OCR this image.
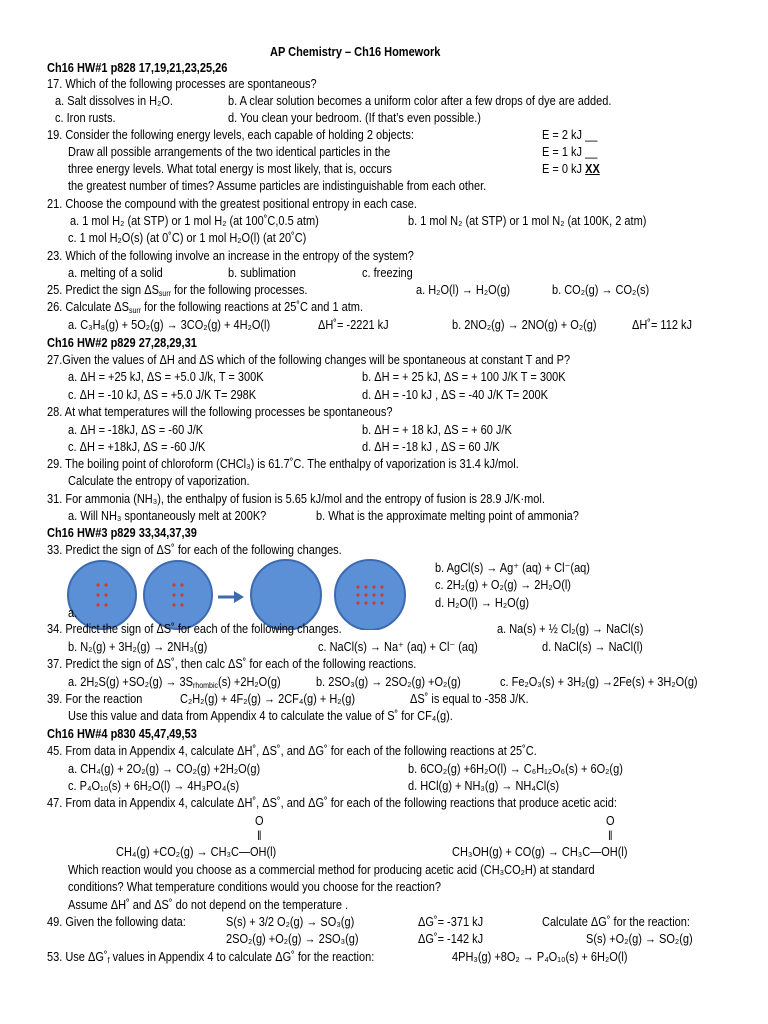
AP Chemistry – Ch16 Homework
Ch16 HW#1 p828 17,19,21,23,25,26
17. Which of the following processes are spontaneous?
a. Salt dissolves in H₂O.	b. A clear solution becomes a uniform color after a few drops of dye are added.
c. Iron rusts.	d. You clean your bedroom. (If that’s even possible.)
19. Consider the following energy levels, each capable of holding 2 objects:	E = 2 kJ __
Draw all possible arrangements of the two identical particles in the	E = 1 kJ __
three energy levels. What total energy is most likely, that is, occurs	E = 0 kJ XX
the greatest number of times? Assume particles are indistinguishable from each other.
21. Choose the compound with the greatest positional entropy in each case.
a. 1 mol H₂ (at STP) or 1 mol H₂ (at 100˚C,0.5 atm)	b. 1 mol N₂ (at STP) or 1 mol N₂ (at 100K, 2 atm)
c. 1 mol H₂O(s) (at 0˚C) or 1 mol H₂O(l) (at 20˚C)
23. Which of the following involve an increase in the entropy of the system?
a. melting of a solid	b. sublimation	c. freezing
25. Predict the sign $\Delta S_{surr}$ for the following processes.	a. H₂O(l) → H₂O(g)	b. CO₂(g) → CO₂(s)
26. Calculate $\Delta S_{surr}$ for the following reactions at 25˚C and 1 atm.
a. C₃H₈(g) + 5O₂(g) → 3CO₂(g) + 4H₂O(l)	ΔH˚= -2221 kJ	b. 2NO₂(g) → 2NO(g) + O₂(g)	ΔH˚= 112 kJ
Ch16 HW#2 p829 27,28,29,31
27.Given the values of ΔH and ΔS which of the following changes will be spontaneous at constant T and P?
a. ΔH = +25 kJ, ΔS = +5.0 J/k, T = 300K	b. ΔH = + 25 kJ, ΔS = + 100 J/K T = 300K
c. ΔH = -10 kJ, ΔS = +5.0 J/K T= 298K	d. ΔH = -10 kJ , ΔS = -40 J/K T= 200K
28. At what temperatures will the following processes be spontaneous?
a. ΔH = -18kJ, ΔS = -60 J/K	b. ΔH = + 18 kJ, ΔS = + 60 J/K
c. ΔH = +18kJ, ΔS = -60 J/K	d. ΔH = -18 kJ , ΔS = 60 J/K
29. The boiling point of chloroform (CHCl₃) is 61.7˚C. The enthalpy of vaporization is 31.4 kJ/mol.
Calculate the entropy of vaporization.
31. For ammonia (NH₃), the enthalpy of fusion is 5.65 kJ/mol and the entropy of fusion is 28.9 J/K·mol.
a. Will NH₃ spontaneously melt at 200K?	b. What is the approximate melting point of ammonia?
Ch16 HW#3 p829 33,34,37,39
33. Predict the sign of ΔS˚ for each of the following changes.
b. AgCl(s) → Ag⁺ (aq) + Cl⁻(aq)
c. 2H₂(g) + O₂(g) → 2H₂O(l)
d. H₂O(l) → H₂O(g)
a.
34. Predict the sign of ΔS˚ for each of the following changes.	a. Na(s) + ½ Cl₂(g) → NaCl(s)
b. N₂(g) + 3H₂(g) → 2NH₃(g)	c. NaCl(s) → Na⁺ (aq) + Cl⁻ (aq)	d. NaCl(s) → NaCl(l)
37. Predict the sign of ΔS˚, then calc ΔS˚ for each of the following reactions.
a. $2H_2S(g) +SO_2(g) \to 3S_{rhombic}(s) +2H_2O(g)$	b. 2SO₃(g) → 2SO₂(g) +O₂(g)	c. Fe₂O₃(s) + 3H₂(g) →2Fe(s) + 3H₂O(g)
39. For the reaction	C₂H₂(g) + 4F₂(g) → 2CF₄(g) + H₂(g)	ΔS˚ is equal to -358 J/K.
Use this value and data from Appendix 4 to calculate the value of S˚ for CF₄(g).
Ch16 HW#4 p830 45,47,49,53
45. From data in Appendix 4, calculate ΔH˚, ΔS˚, and ΔG˚ for each of the following reactions at 25˚C.
a. CH₄(g) + 2O₂(g) → CO₂(g) +2H₂O(g)	b. 6CO₂(g) +6H₂O(l) → C₆H₁₂O₆(s) + 6O₂(g)
c. P₄O₁₀(s) + 6H₂O(l) → 4H₃PO₄(s)	d. HCl(g) + NH₃(g) → NH₄Cl(s)
47. From data in Appendix 4, calculate ΔH˚, ΔS˚, and ΔG˚ for each of the following reactions that produce acetic acid:
O	O
‖	‖
CH₄(g) +CO₂(g) → CH₃C—OH(l)	CH₃OH(g) + CO(g) → CH₃C—OH(l)
Which reaction would you choose as a commercial method for producing acetic acid (CH₃CO₂H) at standard
conditions? What temperature conditions would you choose for the reaction?
Assume ΔH˚ and ΔS˚ do not depend on the temperature .
49. Given the following data:	S(s) + 3/2 O₂(g) → SO₃(g)	ΔG˚= -371 kJ	Calculate ΔG˚ for the reaction:
2SO₂(g) +O₂(g) → 2SO₃(g)	ΔG˚= -142 kJ	S(s) +O₂(g) → SO₂(g)
53. Use $\Delta G˚_f$ values in Appendix 4 to calculate ΔG˚ for the reaction:	4PH₃(g) +8O₂ → P₄O₁₀(s) + 6H₂O(l)
